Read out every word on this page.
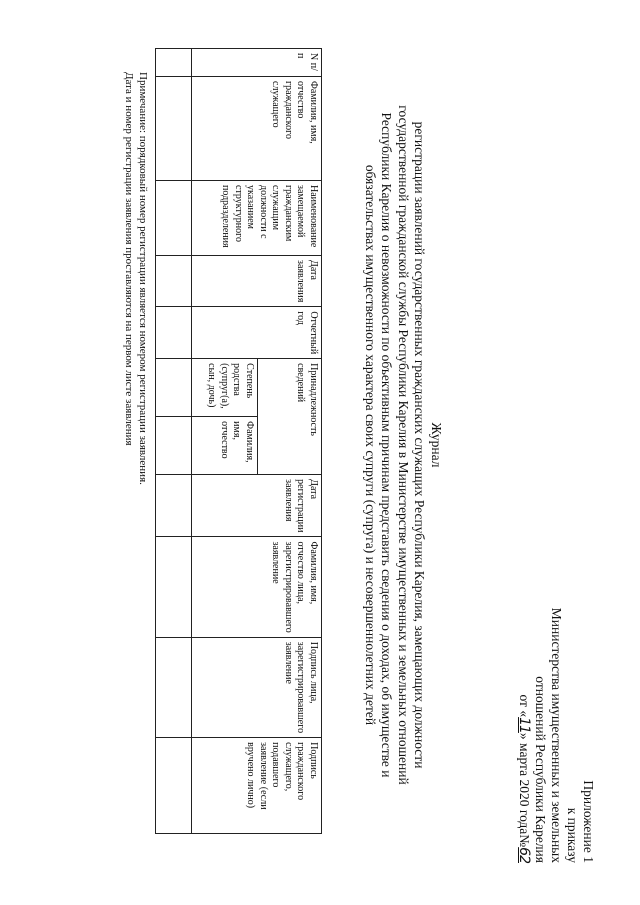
Приложение 1
к приказу
Министерства имущественных и земельных
отношений Республики Карелия
от «11» марта 2020 года№62
Журнал
регистрации заявлений государственных гражданских служащих Республики Карелия, замещающих должности
государственной гражданской службы Республики Карелия в Министерстве имущественных и земельных отношений
Республики Карелия о невозможности по объективным причинам представить сведения о доходах, об имуществе и
обязательствах имущественного характера своих супруги (супруга) и несовершеннолетних детей
N п/п	Фамилия, имя, отчество гражданского служащего	Наименование замещаемой гражданским служащим должности с указанием структурного подразделения	Дата заявления	Отчетный год	Принадлежность сведений		Дата регистрации заявления	Фамилия, имя, отчество лица, зарегистрировавшего заявление	Подпись лица, зарегистрировавшего заявление	Подпись гражданского служащего, подавшего заявление (если вручено лично)
					Степень родства (супруг(а), сын, дочь)	Фамилия, имя, отчество				

Примечание: порядковый номер регистрации является номером регистрации заявления.
Дата и номер регистрации заявления проставляются на первом листе заявления
